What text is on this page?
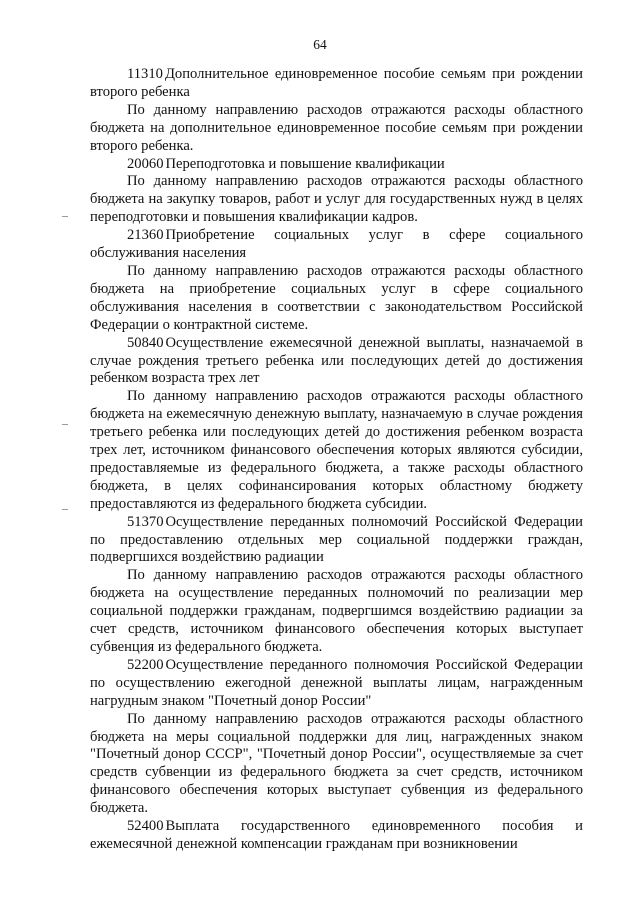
64

11310 Дополнительное единовременное пособие семьям при рождении второго ребенка

По данному направлению расходов отражаются расходы областного бюджета на дополнительное единовременное пособие семьям при рождении второго ребенка.

20060 Переподготовка и повышение квалификации

По данному направлению расходов отражаются расходы областного бюджета на закупку товаров, работ и услуг для государственных нужд в целях переподготовки и повышения квалификации кадров.

21360 Приобретение социальных услуг в сфере социального обслуживания населения

По данному направлению расходов отражаются расходы областного бюджета на приобретение социальных услуг в сфере социального обслуживания населения в соответствии с законодательством Российской Федерации о контрактной системе.

50840 Осуществление ежемесячной денежной выплаты, назначаемой в случае рождения третьего ребенка или последующих детей до достижения ребенком возраста трех лет

По данному направлению расходов отражаются расходы областного бюджета на ежемесячную денежную выплату, назначаемую в случае рождения третьего ребенка или последующих детей до достижения ребенком возраста трех лет, источником финансового обеспечения которых являются субсидии, предоставляемые из федерального бюджета, а также расходы областного бюджета, в целях софинансирования которых областному бюджету предоставляются из федерального бюджета субсидии.

51370 Осуществление переданных полномочий Российской Федерации по предоставлению отдельных мер социальной поддержки граждан, подвергшихся воздействию радиации

По данному направлению расходов отражаются расходы областного бюджета на осуществление переданных полномочий по реализации мер социальной поддержки гражданам, подвергшимся воздействию радиации за счет средств, источником финансового обеспечения которых выступает субвенция из федерального бюджета.

52200 Осуществление переданного полномочия Российской Федерации по осуществлению ежегодной денежной выплаты лицам, награжденным нагрудным знаком "Почетный донор России"

По данному направлению расходов отражаются расходы областного бюджета на меры социальной поддержки для лиц, награжденных знаком "Почетный донор СССР", "Почетный донор России", осуществляемые за счет средств субвенции из федерального бюджета за счет средств, источником финансового обеспечения которых выступает субвенция из федерального бюджета.

52400 Выплата государственного единовременного пособия и ежемесячной денежной компенсации гражданам при возникновении
